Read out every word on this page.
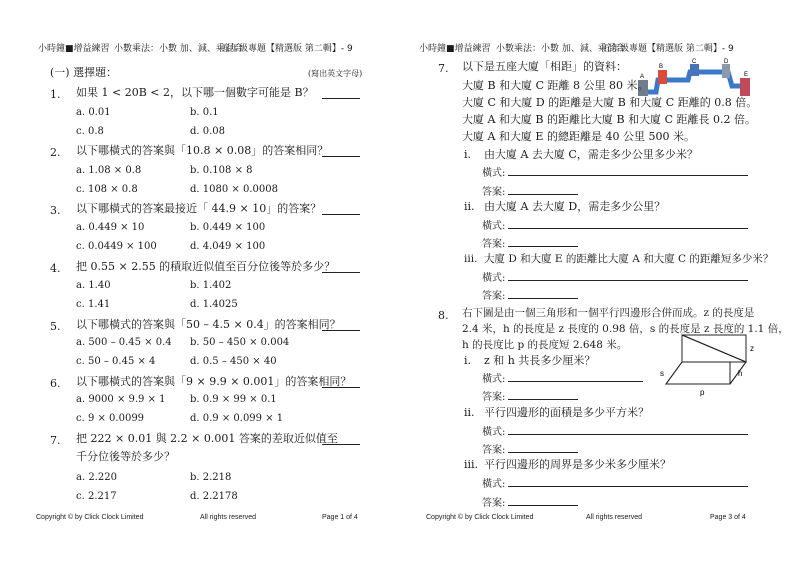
小時鐘■增益練習 小數乘法：小數 加、減、乘混合
五年級專題【精選版 第二輯】- 9
(一) 選擇題：	(寫出英文字母)
1. 如果 1 < 20B < 2，以下哪一個數字可能是 B？
a. 0.01	b. 0.1
c. 0.8	d. 0.08
2. 以下哪橫式的答案與「10.8 × 0.08」的答案相同？
a. 1.08 × 0.8	b. 0.108 × 8
c. 108 × 0.8	d. 1080 × 0.0008
3. 以下哪橫式的答案最接近「 44.9 × 10」的答案？
a. 0.449 × 10	b. 0.449 × 100
c. 0.0449 × 100	d. 4.049 × 100
4. 把 0.55 × 2.55 的積取近似值至百分位後等於多少？
a. 1.40	b. 1.402
c. 1.41	d. 1.4025
5. 以下哪橫式的答案與「50 – 4.5 × 0.4」的答案相同？
a. 500 – 0.45 × 0.4 b. 50 – 450 × 0.004
c. 50 – 0.45 × 4	d. 0.5 – 450 × 40
6. 以下哪橫式的答案與「9 × 9.9 × 0.001」的答案相同？
a. 9000 × 9.9 × 1 b. 0.9 × 99 × 0.1
c. 9 × 0.0099	d. 0.9 × 0.099 × 1
7. 把 222 × 0.01 與 2.2 × 0.001 答案的差取近似值至
千分位後等於多少？
a. 2.220	b. 2.218
c. 2.217	d. 2.2178
Copyright © by Click Clock Limited	All rights reserved	Page 1 of 4
小時鐘■增益練習 小數乘法：小數 加、減、乘混合
五年級專題【精選版 第二輯】- 9
7. 以下是五座大廈「相距」的資料：
A
B
C	D
E
大廈 B 和大廈 C 距離 8 公里 80 米。
大廈 C 和大廈 D 的距離是大廈 B 和大廈 C 距離的 0.8 倍。
大廈 A 和大廈 B 的距離比大廈 B 和大廈 C 距離長 0.2 倍。
大廈 A 和大廈 E 的總距離是 40 公里 500 米。
i. 由大廈 A 去大廈 C，需走多少公里多少米？
橫式:
答案:
ii. 由大廈 A 去大廈 D，需走多少公里？
橫式:
答案:
iii. 大廈 D 和大廈 E 的距離比大廈 A 和大廈 C 的距離短多少米？
橫式:
答案:
8. 右下圖是由一個三角形和一個平行四邊形合併而成。z 的長度是
2.4 米，h 的長度是 z 長度的 0.98 倍，s 的長度是 z 長度的 1.1 倍，
h 的長度比 p 的長度短 2.648 米。	z
h
s
p
i. z 和 h 共長多少厘米？
橫式:
答案:
ii. 平行四邊形的面積是多少平方米？
橫式:
答案:
iii. 平行四邊形的周界是多少米多少厘米？
橫式:
答案:
Copyright © by Click Clock Limited	All rights reserved	Page 3 of 4
